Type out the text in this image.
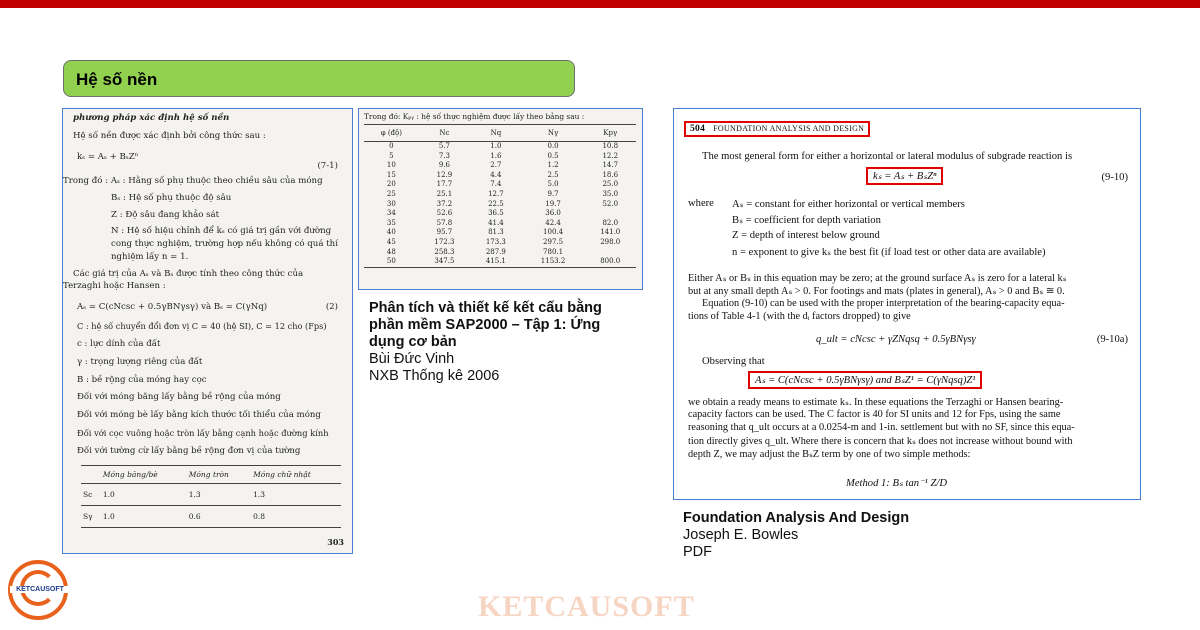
Hệ số nền
phương pháp xác định hệ số nền
Hệ số nền được xác định bởi công thức sau :
kₛ = Aₛ + BₛZⁿ
(7-1)
Trong đó : Aₛ : Hằng số phụ thuộc theo chiều sâu của móng
Bₛ : Hệ số phụ thuộc độ sâu
Z : Độ sâu đang khảo sát
N : Hệ số hiệu chỉnh để kₛ có giá trị gần với đường
cong thực nghiệm, trường hợp nếu không có quá thí
nghiệm lấy n = 1.
Các giá trị của Aₛ và Bₛ được tính theo công thức của
Terzaghi hoặc Hansen :
Aₛ = C(cNcsc + 0.5γBNγsγ) và Bₛ = C(γNq)	(2)
C : hệ số chuyển đổi đơn vị C = 40 (hệ SI), C = 12 cho (Fps)
c : lực dính của đất
γ : trọng lượng riêng của đất
B : bề rộng của móng hay cọc
Đối với móng băng lấy bằng bề rộng của móng
Đối với móng bè lấy bằng kích thước tối thiểu của móng
Đối với cọc vuông hoặc tròn lấy bằng cạnh hoặc đường kính
Đối với tường cừ lấy bằng bề rộng đơn vị của tường
	Móng băng/bè	Móng tròn	Móng chữ nhật
Sc	1.0	1.3	1.3
Sγ	1.0	0.6	0.8
303
Trong đó: Kₚᵧ : hệ số thực nghiệm được lấy theo bảng sau :
φ (độ)	Nc	Nq	Nγ	Kpγ
0	5.7	1.0	0.0	10.8
5	7.3	1.6	0.5	12.2
10	9.6	2.7	1.2	14.7
15	12.9	4.4	2.5	18.6
20	17.7	7.4	5.0	25.0
25	25.1	12.7	9.7	35.0
30	37.2	22.5	19.7	52.0
34	52.6	36.5	36.0	
35	57.8	41.4	42.4	82.0
40	95.7	81.3	100.4	141.0
45	172.3	173.3	297.5	298.0
48	258.3	287.9	780.1	
50	347.5	415.1	1153.2	800.0
Phân tích và thiết kế kết cấu bằng phần mềm SAP2000 – Tập 1: Ứng dụng cơ bản
Bùi Đức Vinh
NXB Thống kê 2006
504 FOUNDATION ANALYSIS AND DESIGN
The most general form for either a horizontal or lateral modulus of subgrade reaction is
kₛ = Aₛ + BₛZⁿ	(9-10)
where Aₛ = constant for either horizontal or vertical members
Bₛ = coefficient for depth variation
Z = depth of interest below ground
n = exponent to give kₛ the best fit (if load test or other data are available)
Either Aₛ or Bₛ in this equation may be zero; at the ground surface Aₛ is zero for a lateral kₛ
but at any small depth Aₛ > 0. For footings and mats (plates in general), Aₛ > 0 and Bₛ ≅ 0.
Equation (9-10) can be used with the proper interpretation of the bearing-capacity equa-
tions of Table 4-1 (with the dᵢ factors dropped) to give
q_ult = cNcsc + γZNqsq + 0.5γBNγsγ	(9-10a)
Observing that
Aₛ = C(cNcsc + 0.5γBNγsγ) and BₛZ¹ = C(γNqsq)Z¹
we obtain a ready means to estimate kₛ. In these equations the Terzaghi or Hansen bearing-
capacity factors can be used. The C factor is 40 for SI units and 12 for Fps, using the same
reasoning that q_ult occurs at a 0.0254-m and 1-in. settlement but with no SF, since this equa-
tion directly gives q_ult. Where there is concern that kₛ does not increase without bound with
depth Z, we may adjust the BₛZ term by one of two simple methods:
Method 1: Bₛ tan⁻¹ Z/D
Foundation Analysis And Design
Joseph E. Bowles
PDF
KETCAUSOFT
KETCAUSOFT
